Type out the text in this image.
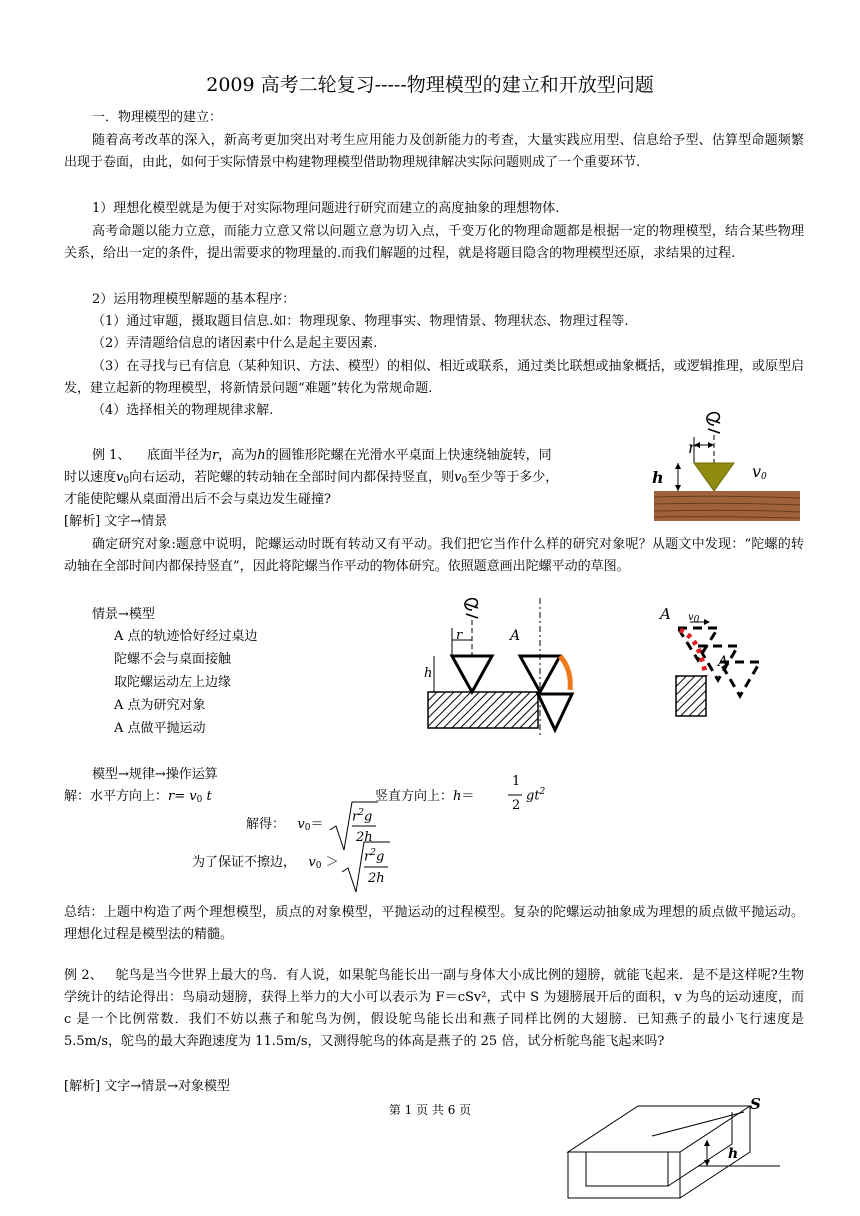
2009 高考二轮复习-----物理模型的建立和开放型问题
一．物理模型的建立：
随着高考改革的深入，新高考更加突出对考生应用能力及创新能力的考查，大量实践应用型、信息给予型、估算型命题频繁出现于卷面，由此，如何于实际情景中构建物理模型借助物理规律解决实际问题则成了一个重要环节.
1）理想化模型就是为便于对实际物理问题进行研究而建立的高度抽象的理想物体.
高考命题以能力立意，而能力立意又常以问题立意为切入点，千变万化的物理命题都是根据一定的物理模型，结合某些物理关系，给出一定的条件，提出需要求的物理量的.而我们解题的过程，就是将题目隐含的物理模型还原，求结果的过程.
2）运用物理模型解题的基本程序：
（1）通过审题，摄取题目信息.如：物理现象、物理事实、物理情景、物理状态、物理过程等.
（2）弄清题给信息的诸因素中什么是起主要因素.
（3）在寻找与已有信息（某种知识、方法、模型）的相似、相近或联系，通过类比联想或抽象概括，或逻辑推理，或原型启发，建立起新的物理模型，将新情景问题“难题”转化为常规命题.
（4）选择相关的物理规律求解.
例 1、 底面半径为r，高为h的圆锥形陀螺在光滑水平桌面上快速绕轴旋转，同
时以速度$v_0$向右运动，若陀螺的转动轴在全部时间内都保持竖直，则$v_0$至少等于多少，
才能使陀螺从桌面滑出后不会与桌边发生碰撞?
[解析] 文字→情景
确定研究对象:题意中说明，陀螺运动时既有转动又有平动。我们把它当作什么样的研究对象呢？从题文中发现：“陀螺的转动轴在全部时间内都保持竖直”，因此将陀螺当作平动的物体研究。依照题意画出陀螺平动的草图。
r
h	$v_0$
情景→模型
A 点的轨迹恰好经过桌边
陀螺不会与桌面接触
取陀螺运动左上边缘
A 点为研究对象
A 点做平抛运动
r
h
A
A $v_0$
A
模型→规律→操作运算
解：水平方向上：$r= v_0$ t	竖直方向上：h＝
1
2
$gt^2$
解得： $v_0=$
$r^2g$
2h
为了保证不擦边， $v_0 > r^2g$
2h
总结：上题中构造了两个理想模型，质点的对象模型，平抛运动的过程模型。复杂的陀螺运动抽象成为理想的质点做平抛运动。理想化过程是模型法的精髓。
例 2、 鸵鸟是当今世界上最大的鸟．有人说，如果鸵鸟能长出一副与身体大小成比例的翅膀，就能飞起来．是不是这样呢?生物学统计的结论得出：鸟扇动翅膀，获得上举力的大小可以表示为 F＝cSv²，式中 S 为翅膀展开后的面积，v 为鸟的运动速度，而 c 是一个比例常数．我们不妨以燕子和鸵鸟为例，假设鸵鸟能长出和燕子同样比例的大翅膀．已知燕子的最小飞行速度是 5.5m/s，鸵鸟的最大奔跑速度为 11.5m/s，又测得鸵鸟的体高是燕子的 25 倍，试分析鸵鸟能飞起来吗?
[解析] 文字→情景→对象模型
第 1 页 共 6 页	S
h
